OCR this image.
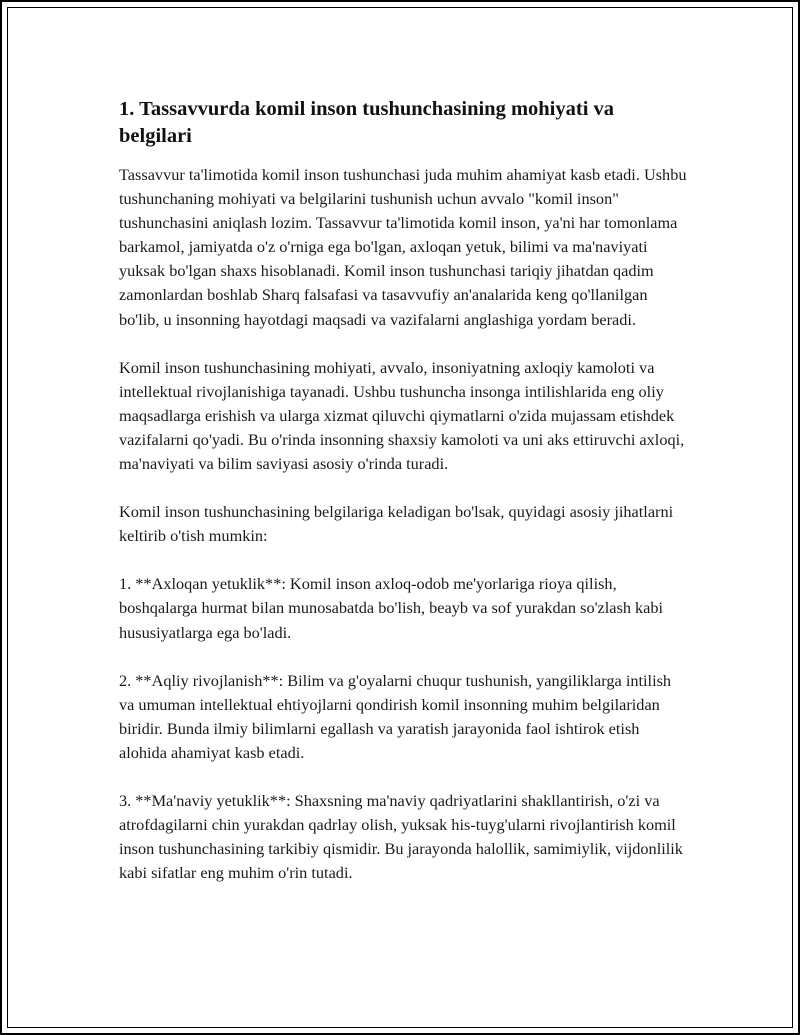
1. Tassavvurda komil inson tushunchasining mohiyati va belgilari

Tassavvur ta'limotida komil inson tushunchasi juda muhim ahamiyat kasb etadi. Ushbu tushunchaning mohiyati va belgilarini tushunish uchun avvalo "komil inson" tushunchasini aniqlash lozim. Tassavvur ta'limotida komil inson, ya'ni har tomonlama barkamol, jamiyatda o'z o'rniga ega bo'lgan, axloqan yetuk, bilimi va ma'naviyati yuksak bo'lgan shaxs hisoblanadi. Komil inson tushunchasi tariqiy jihatdan qadim zamonlardan boshlab Sharq falsafasi va tasavvufiy an'analarida keng qo'llanilgan bo'lib, u insonning hayotdagi maqsadi va vazifalarni anglashiga yordam beradi.

Komil inson tushunchasining mohiyati, avvalo, insoniyatning axloqiy kamoloti va intellektual rivojlanishiga tayanadi. Ushbu tushuncha insonga intilishlarida eng oliy maqsadlarga erishish va ularga xizmat qiluvchi qiymatlarni o'zida mujassam etishdek vazifalarni qo'yadi. Bu o'rinda insonning shaxsiy kamoloti va uni aks ettiruvchi axloqi, ma'naviyati va bilim saviyasi asosiy o'rinda turadi.

Komil inson tushunchasining belgilariga keladigan bo'lsak, quyidagi asosiy jihatlarni keltirib o'tish mumkin:

1. **Axloqan yetuklik**: Komil inson axloq-odob me'yorlariga rioya qilish, boshqalarga hurmat bilan munosabatda bo'lish, beayb va sof yurakdan so'zlash kabi hususiyatlarga ega bo'ladi.

2. **Aqliy rivojlanish**: Bilim va g'oyalarni chuqur tushunish, yangiliklarga intilish va umuman intellektual ehtiyojlarni qondirish komil insonning muhim belgilaridan biridir. Bunda ilmiy bilimlarni egallash va yaratish jarayonida faol ishtirok etish alohida ahamiyat kasb etadi.

3. **Ma'naviy yetuklik**: Shaxsning ma'naviy qadriyatlarini shakllantirish, o'zi va atrofdagilarni chin yurakdan qadrlay olish, yuksak his-tuyg'ularni rivojlantirish komil inson tushunchasining tarkibiy qismidir. Bu jarayonda halollik, samimiylik, vijdonlilik kabi sifatlar eng muhim o'rin tutadi.
